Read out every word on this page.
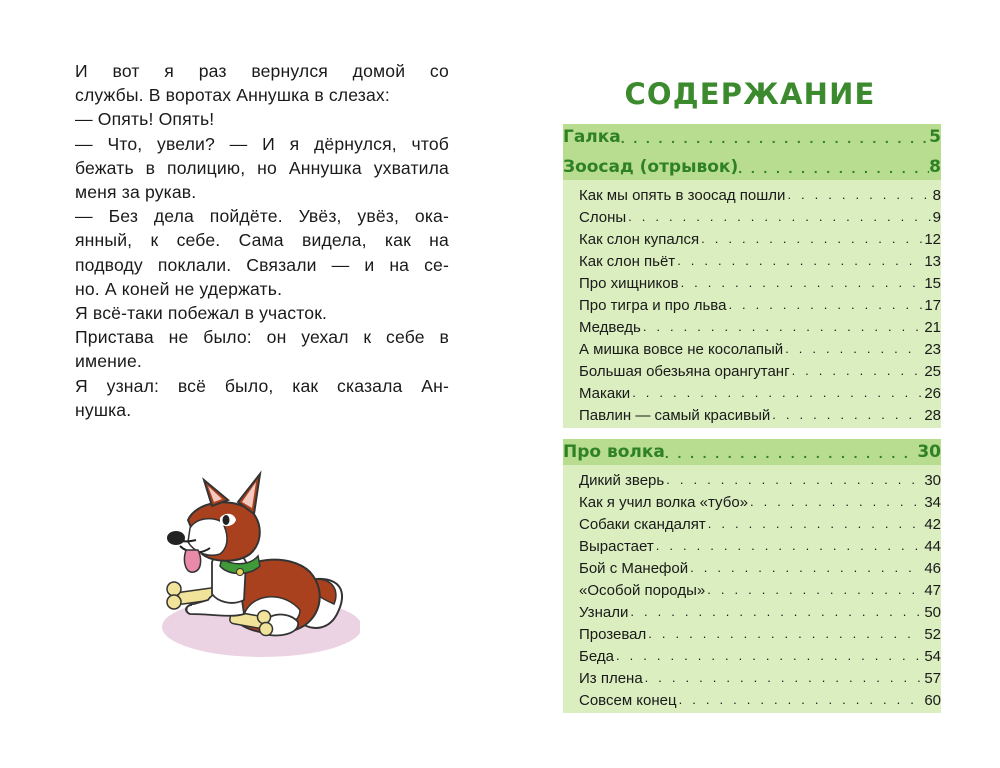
И вот я раз вернулся домой со
службы. В воротах Аннушка в слезах:
— Опять! Опять!
— Что, увели? — И я дёрнулся, чтоб
бежать в полицию, но Аннушка ухватила
меня за рукав.
— Без дела пойдёте. Увёз, увёз, ока-
янный, к себе. Сама видела, как на
подводу поклали. Связали — и на се-
но. А коней не удержать.
Я всё-таки побежал в участок.
Пристава не было: он уехал к себе в
имение.
Я узнал: всё было, как сказала Ан-
нушка.
СОДЕРЖАНИЕ
Галка . . .	5
Зоосад (отрывок) . . .	8
Как мы опять в зоосад пошли . . .	8
Слоны . . .	9
Как слон купался . . .	12
Как слон пьёт . . .	13
Про хищников . . .	15
Про тигра и про льва . . .	17
Медведь . . .	21
А мишка вовсе не косолапый . . .	23
Большая обезьяна орангутанг . . .	25
Макаки . . .	26
Павлин — самый красивый . . .	28
Про волка . . .	30
Дикий зверь . . .	30
Как я учил волка «тубо» . . .	34
Собаки скандалят . . .	42
Вырастает . . .	44
Бой с Манефой . . .	46
«Особой породы» . . .	47
Узнали . . .	50
Прозевал . . .	52
Беда . . .	54
Из плена . . .	57
Совсем конец . . .	60
